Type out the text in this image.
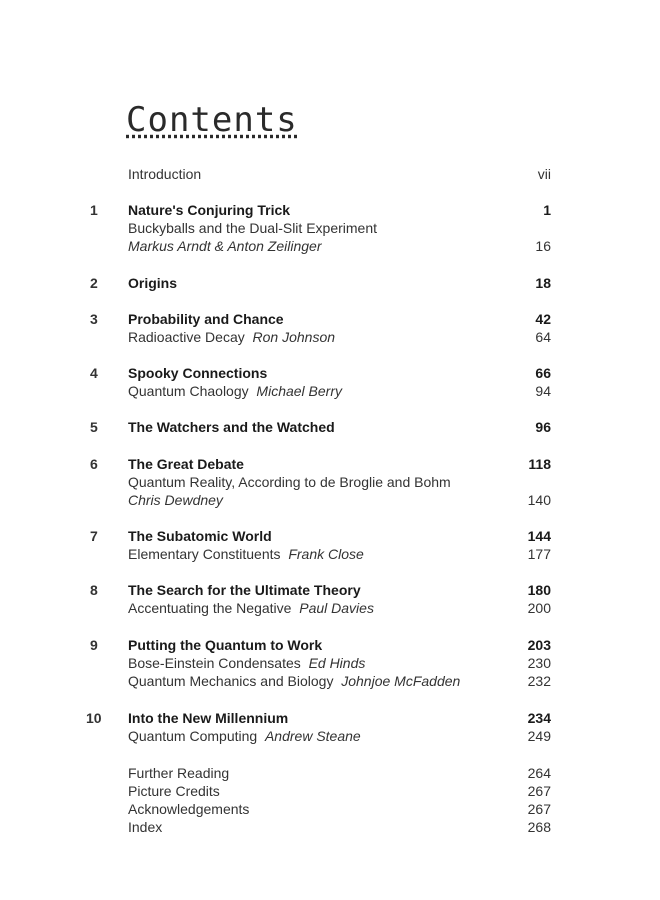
Contents
Introduction	vii
1	Nature's Conjuring Trick	1
Buckyballs and the Dual-Slit Experiment
Markus Arndt & Anton Zeilinger	16
2	Origins	18
3	Probability and Chance	42
Radioactive Decay Ron Johnson	64
4	Spooky Connections	66
Quantum Chaology Michael Berry	94
5	The Watchers and the Watched	96
6	The Great Debate	118
Quantum Reality, According to de Broglie and Bohm
Chris Dewdney	140
7	The Subatomic World	144
Elementary Constituents Frank Close	177
8	The Search for the Ultimate Theory	180
Accentuating the Negative Paul Davies	200
9	Putting the Quantum to Work	203
Bose-Einstein Condensates Ed Hinds	230
Quantum Mechanics and Biology Johnjoe McFadden	232
10 Into the New Millennium	234
Quantum Computing Andrew Steane	249
Further Reading	264
Picture Credits	267
Acknowledgements	267
Index	268
